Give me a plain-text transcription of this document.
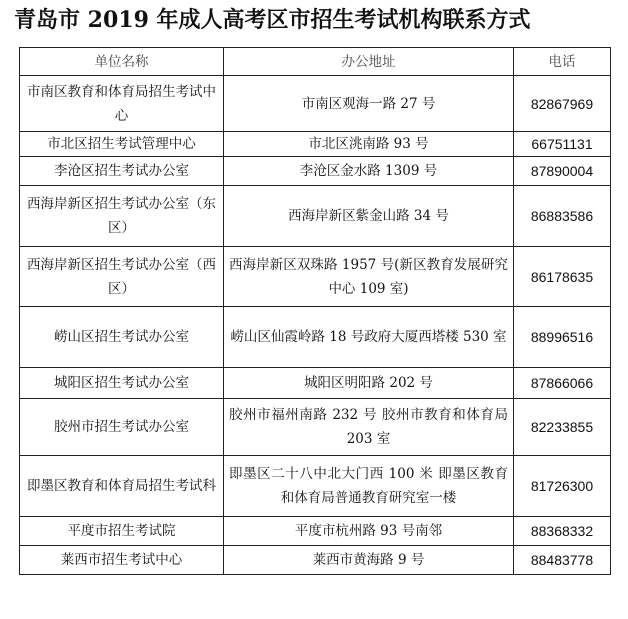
青岛市 2019 年成人高考区市招生考试机构联系方式
单位名称	办公地址	电话
市南区教育和体育局招生考试中心	市南区观海一路 27 号	82867969
市北区招生考试管理中心	市北区洮南路 93 号	66751131
李沧区招生考试办公室	李沧区金水路 1309 号	87890004
西海岸新区招生考试办公室（东区）	西海岸新区紫金山路 34 号	86883586
西海岸新区招生考试办公室（西区）	西海岸新区双珠路 1957 号(新区教育发展研究中心 109 室)	86178635
崂山区招生考试办公室	崂山区仙霞岭路 18 号政府大厦西塔楼 530 室	88996516
城阳区招生考试办公室	城阳区明阳路 202 号	87866066
胶州市招生考试办公室	胶州市福州南路 232 号 胶州市教育和体育局 203 室	82233855
即墨区教育和体育局招生考试科	即墨区二十八中北大门西 100 米 即墨区教育和体育局普通教育研究室一楼	81726300
平度市招生考试院	平度市杭州路 93 号南邻	88368332
莱西市招生考试中心	莱西市黄海路 9 号	88483778
